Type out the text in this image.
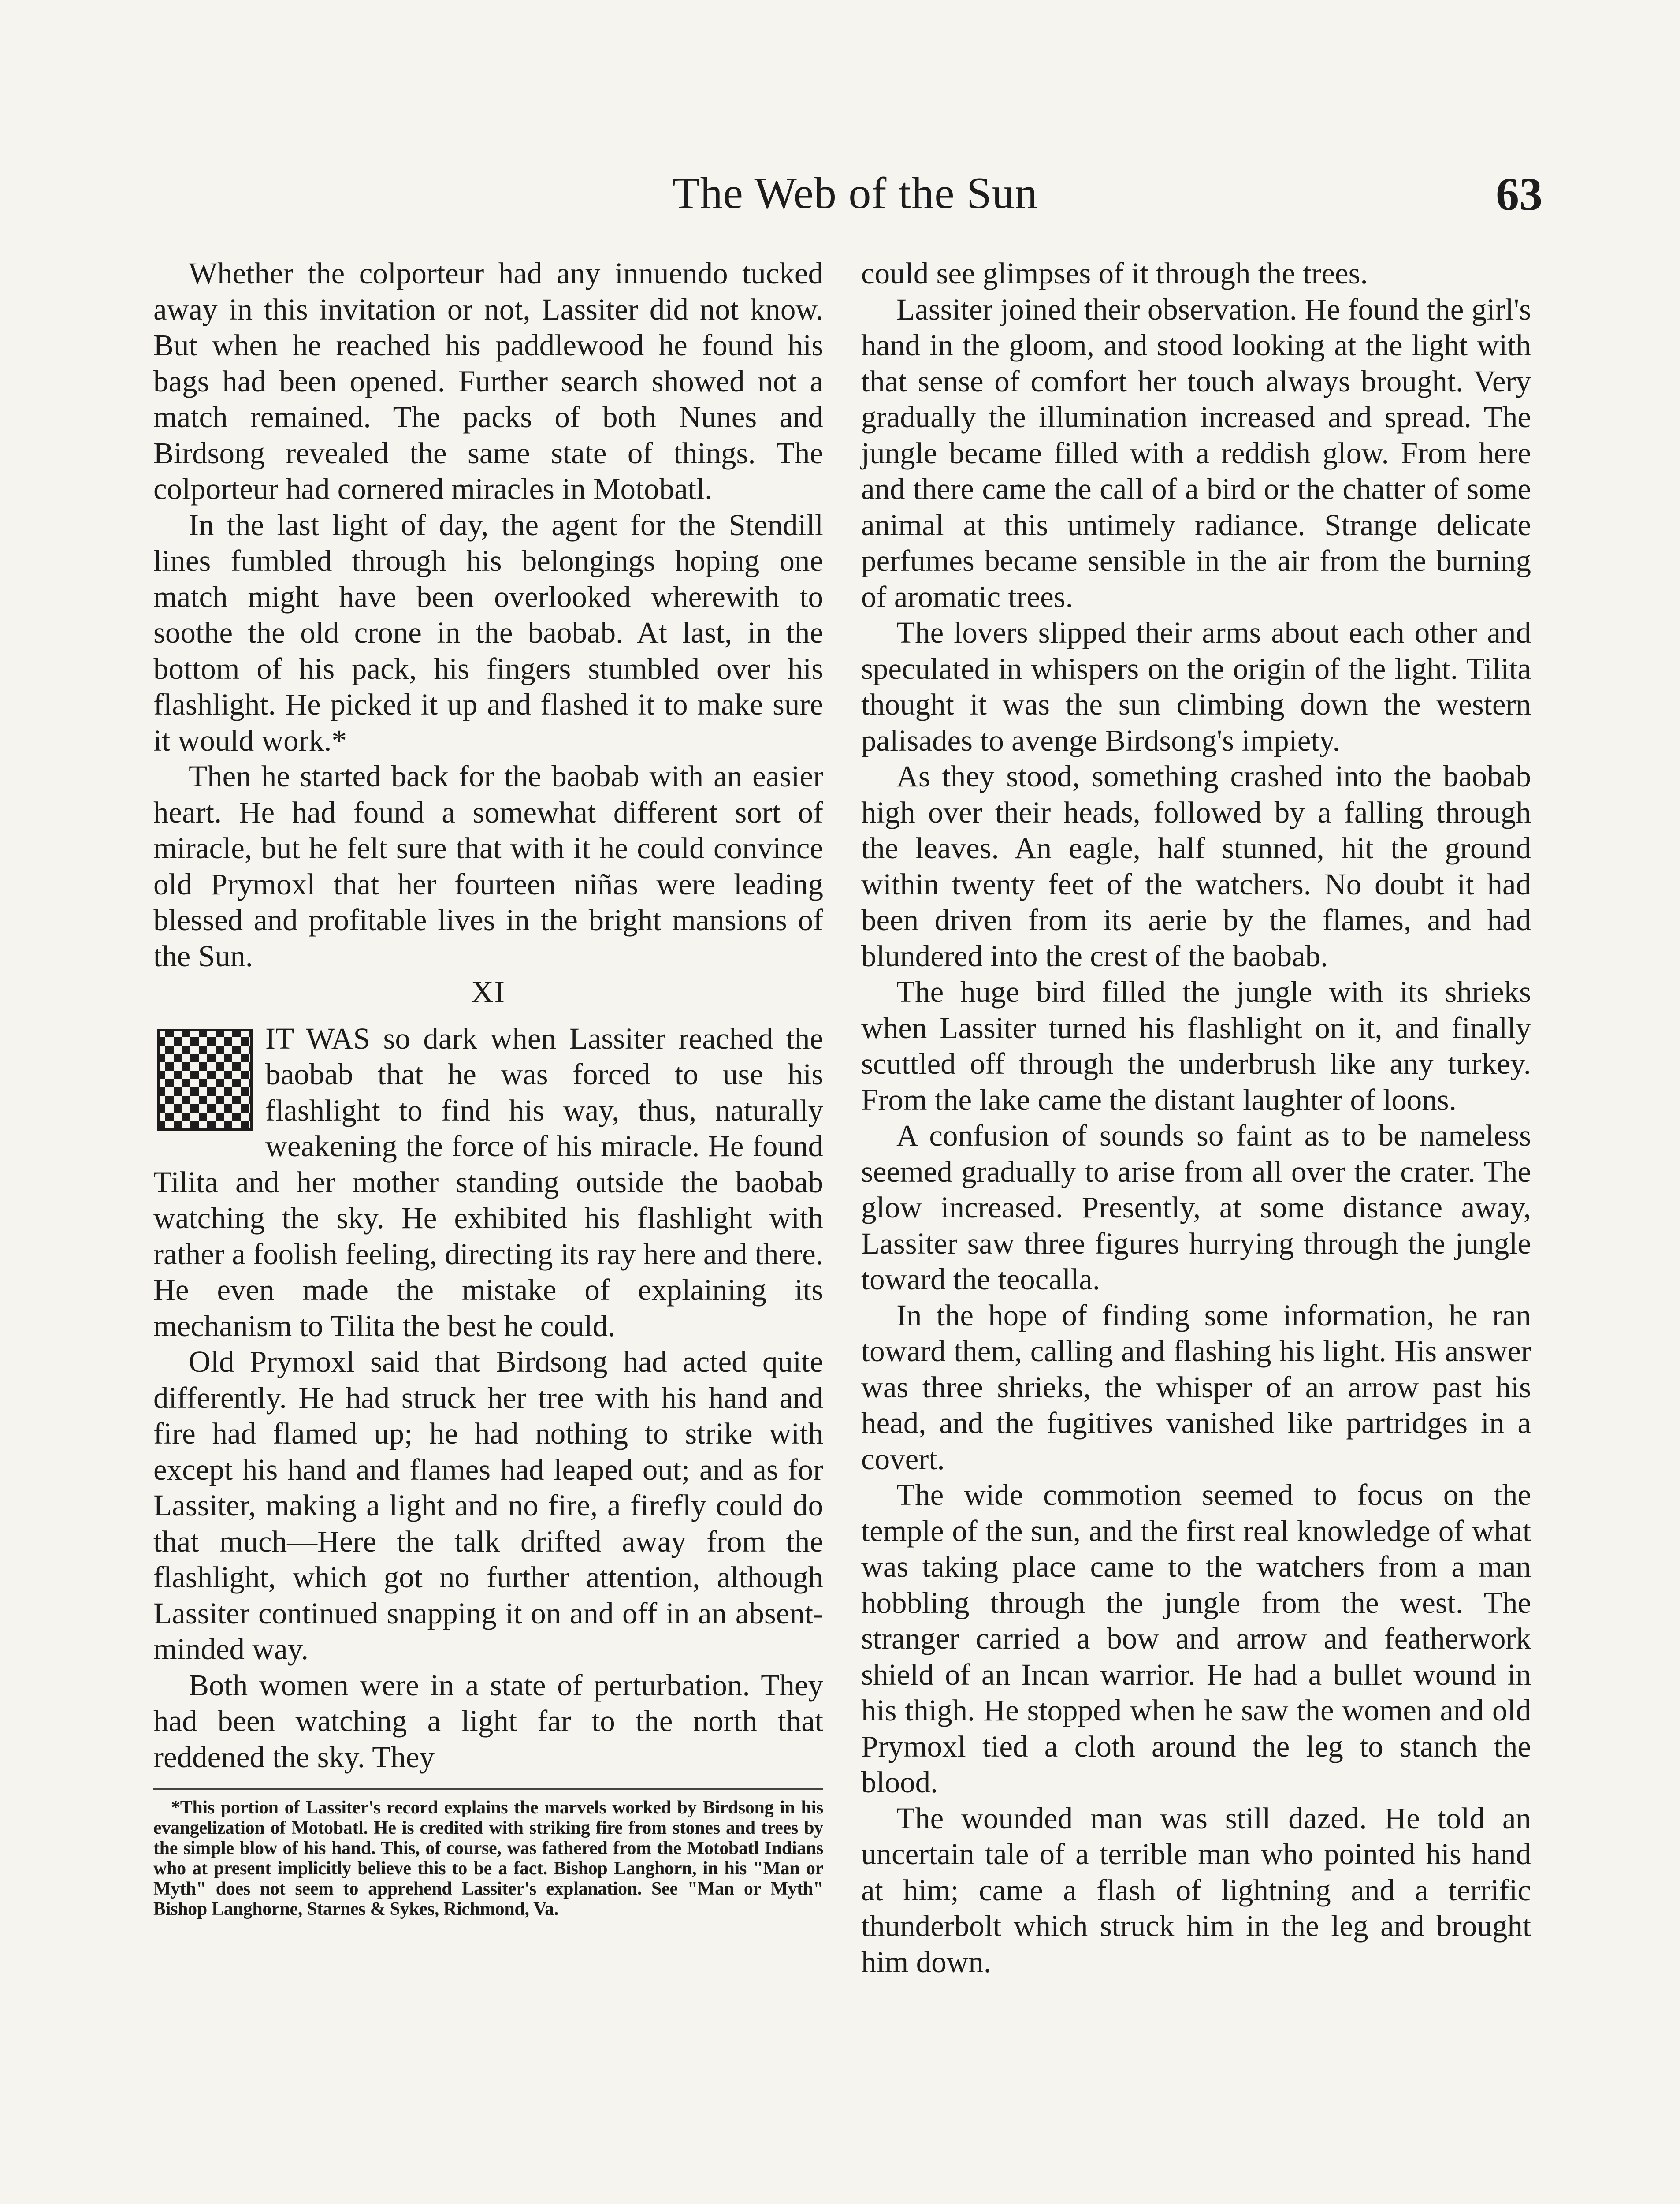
The Web of the Sun	63

Whether the colporteur had any innuendo tucked away in this invitation or not, Lassiter did not know. But when he reached his paddlewood he found his bags had been opened. Further search showed not a match remained. The packs of both Nunes and Birdsong revealed the same state of things. The colporteur had cornered miracles in Motobatl.

In the last light of day, the agent for the Stendill lines fumbled through his belongings hoping one match might have been overlooked wherewith to soothe the old crone in the baobab. At last, in the bottom of his pack, his fingers stumbled over his flashlight. He picked it up and flashed it to make sure it would work.*

Then he started back for the baobab with an easier heart. He had found a somewhat different sort of miracle, but he felt sure that with it he could convince old Prymoxl that her fourteen niñas were leading blessed and profitable lives in the bright mansions of the Sun.

XI

IT WAS so dark when Lassiter reached the baobab that he was forced to use his flashlight to find his way, thus, naturally weakening the force of his miracle. He found Tilita and her mother standing outside the baobab watching the sky. He exhibited his flashlight with rather a foolish feeling, directing its ray here and there. He even made the mistake of explaining its mechanism to Tilita the best he could.

Old Prymoxl said that Birdsong had acted quite differently. He had struck her tree with his hand and fire had flamed up; he had nothing to strike with except his hand and flames had leaped out; and as for Lassiter, making a light and no fire, a firefly could do that much—Here the talk drifted away from the flashlight, which got no further attention, although Lassiter continued snapping it on and off in an absent-minded way.

Both women were in a state of perturbation. They had been watching a light far to the north that reddened the sky. They

*This portion of Lassiter's record explains the marvels worked by Birdsong in his evangelization of Motobatl. He is credited with striking fire from stones and trees by the simple blow of his hand. This, of course, was fathered from the Motobatl Indians who at present implicitly believe this to be a fact. Bishop Langhorn, in his "Man or Myth" does not seem to apprehend Lassiter's explanation. See "Man or Myth" Bishop Langhorne, Starnes & Sykes, Richmond, Va.

could see glimpses of it through the trees.

Lassiter joined their observation. He found the girl's hand in the gloom, and stood looking at the light with that sense of comfort her touch always brought. Very gradually the illumination increased and spread. The jungle became filled with a reddish glow. From here and there came the call of a bird or the chatter of some animal at this untimely radiance. Strange delicate perfumes became sensible in the air from the burning of aromatic trees.

The lovers slipped their arms about each other and speculated in whispers on the origin of the light. Tilita thought it was the sun climbing down the western palisades to avenge Birdsong's impiety.

As they stood, something crashed into the baobab high over their heads, followed by a falling through the leaves. An eagle, half stunned, hit the ground within twenty feet of the watchers. No doubt it had been driven from its aerie by the flames, and had blundered into the crest of the baobab.

The huge bird filled the jungle with its shrieks when Lassiter turned his flashlight on it, and finally scuttled off through the underbrush like any turkey. From the lake came the distant laughter of loons.

A confusion of sounds so faint as to be nameless seemed gradually to arise from all over the crater. The glow increased. Presently, at some distance away, Lassiter saw three figures hurrying through the jungle toward the teocalla.

In the hope of finding some information, he ran toward them, calling and flashing his light. His answer was three shrieks, the whisper of an arrow past his head, and the fugitives vanished like partridges in a covert.

The wide commotion seemed to focus on the temple of the sun, and the first real knowledge of what was taking place came to the watchers from a man hobbling through the jungle from the west. The stranger carried a bow and arrow and featherwork shield of an Incan warrior. He had a bullet wound in his thigh. He stopped when he saw the women and old Prymoxl tied a cloth around the leg to stanch the blood.

The wounded man was still dazed. He told an uncertain tale of a terrible man who pointed his hand at him; came a flash of lightning and a terrific thunderbolt which struck him in the leg and brought him down.
